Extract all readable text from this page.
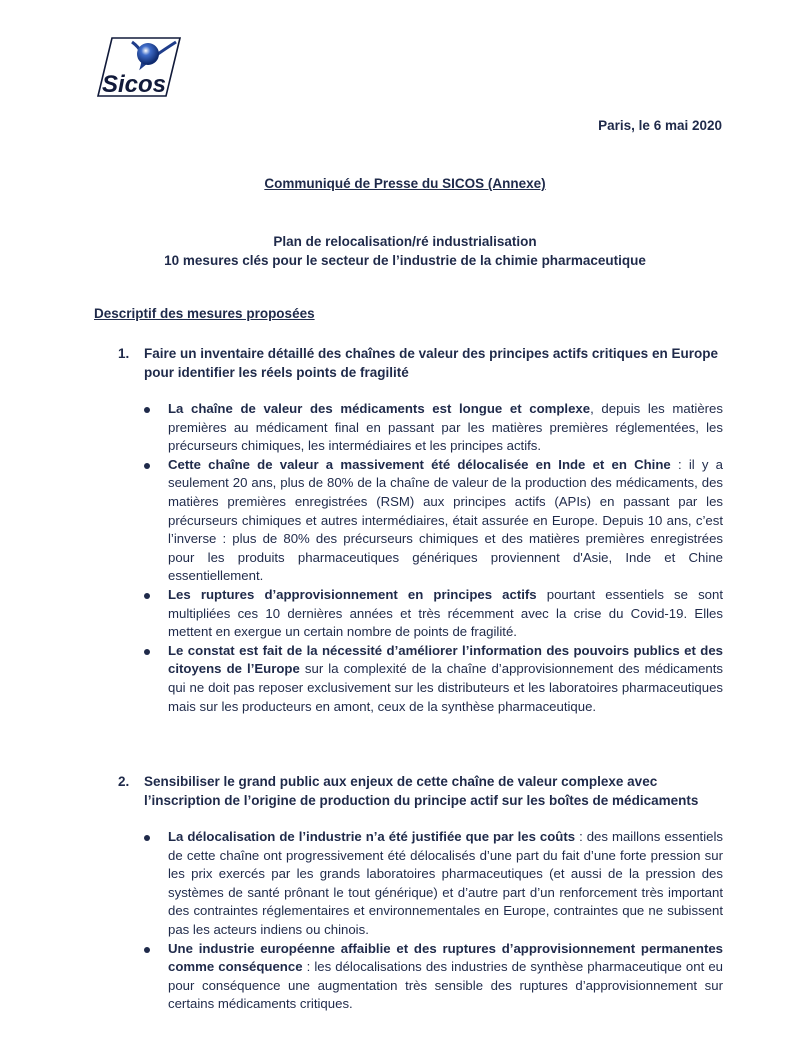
Sicos
Paris, le 6 mai 2020
Communiqué de Presse du SICOS (Annexe)
Plan de relocalisation/ré industrialisation
10 mesures clés pour le secteur de l’industrie de la chimie pharmaceutique
Descriptif des mesures proposées
1.	Faire un inventaire détaillé des chaînes de valeur des principes actifs critiques en Europe pour identifier les réels points de fragilité
La chaîne de valeur des médicaments est longue et complexe, depuis les matières premières au médicament final en passant par les matières premières réglementées, les précurseurs chimiques, les intermédiaires et les principes actifs.
Cette chaîne de valeur a massivement été délocalisée en Inde et en Chine : il y a seulement 20 ans, plus de 80% de la chaîne de valeur de la production des médicaments, des matières premières enregistrées (RSM) aux principes actifs (APIs) en passant par les précurseurs chimiques et autres intermédiaires, était assurée en Europe. Depuis 10 ans, c’est l’inverse : plus de 80% des précurseurs chimiques et des matières premières enregistrées pour les produits pharmaceutiques génériques proviennent d'Asie, Inde et Chine essentiellement.
Les ruptures d’approvisionnement en principes actifs pourtant essentiels se sont multipliées ces 10 dernières années et très récemment avec la crise du Covid-19. Elles mettent en exergue un certain nombre de points de fragilité.
Le constat est fait de la nécessité d’améliorer l’information des pouvoirs publics et des citoyens de l’Europe sur la complexité de la chaîne d’approvisionnement des médicaments qui ne doit pas reposer exclusivement sur les distributeurs et les laboratoires pharmaceutiques mais sur les producteurs en amont, ceux de la synthèse pharmaceutique.
2.	Sensibiliser le grand public aux enjeux de cette chaîne de valeur complexe avec l’inscription de l’origine de production du principe actif sur les boîtes de médicaments
La délocalisation de l’industrie n’a été justifiée que par les coûts : des maillons essentiels de cette chaîne ont progressivement été délocalisés d’une part du fait d’une forte pression sur les prix exercés par les grands laboratoires pharmaceutiques (et aussi de la pression des systèmes de santé prônant le tout générique) et d’autre part d’un renforcement très important des contraintes réglementaires et environnementales en Europe, contraintes que ne subissent pas les acteurs indiens ou chinois.
Une industrie européenne affaiblie et des ruptures d’approvisionnement permanentes comme conséquence : les délocalisations des industries de synthèse pharmaceutique ont eu pour conséquence une augmentation très sensible des ruptures d’approvisionnement sur certains médicaments critiques.
